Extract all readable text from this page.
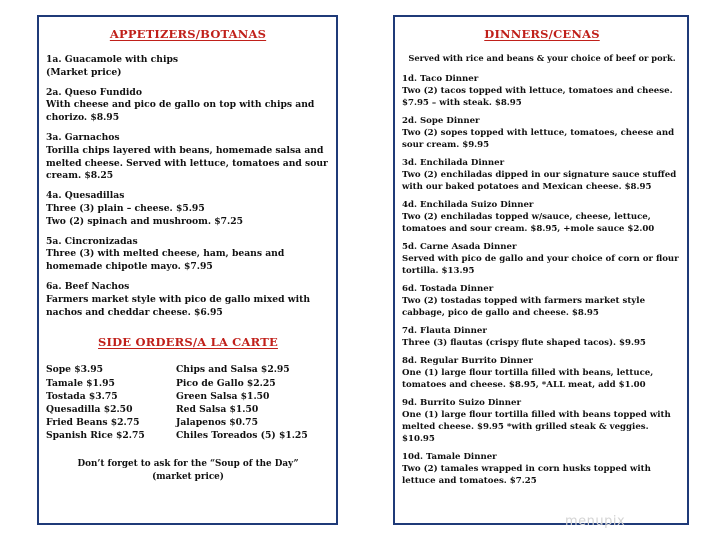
APPETIZERS/BOTANAS
1a. Guacamole with chips
(Market price)
2a. Queso Fundido
With cheese and pico de gallo on top with chips and chorizo. $8.95
3a. Garnachos
Torilla chips layered with beans, homemade salsa and melted cheese. Served with lettuce, tomatoes and sour cream. $8.25
4a. Quesadillas
Three (3) plain – cheese. $5.95
Two (2) spinach and mushroom. $7.25
5a. Cincronizadas
Three (3) with melted cheese, ham, beans and homemade chipotle mayo. $7.95
6a. Beef Nachos
Farmers market style with pico de gallo mixed with nachos and cheddar cheese. $6.95
SIDE ORDERS/A LA CARTE
Sope $3.95
Tamale $1.95
Tostada $3.75
Quesadilla $2.50
Fried Beans $2.75
Spanish Rice $2.75
Chips and Salsa $2.95
Pico de Gallo $2.25
Green Salsa $1.50
Red Salsa $1.50
Jalapenos $0.75
Chiles Toreados (5) $1.25
Don’t forget to ask for the “Soup of the Day”
(market price)
DINNERS/CENAS
Served with rice and beans & your choice of beef or pork.
1d. Taco Dinner
Two (2) tacos topped with lettuce, tomatoes and cheese. $7.95 – with steak. $8.95
2d. Sope Dinner
Two (2) sopes topped with lettuce, tomatoes, cheese and sour cream. $9.95
3d. Enchilada Dinner
Two (2) enchiladas dipped in our signature sauce stuffed with our baked potatoes and Mexican cheese. $8.95
4d. Enchilada Suizo Dinner
Two (2) enchiladas topped w/sauce, cheese, lettuce, tomatoes and sour cream. $8.95, +mole sauce $2.00
5d. Carne Asada Dinner
Served with pico de gallo and your choice of corn or flour tortilla. $13.95
6d. Tostada Dinner
Two (2) tostadas topped with farmers market style cabbage, pico de gallo and cheese. $8.95
7d. Flauta Dinner
Three (3) flautas (crispy flute shaped tacos). $9.95
8d. Regular Burrito Dinner
One (1) large flour tortilla filled with beans, lettuce, tomatoes and cheese. $8.95, *ALL meat, add $1.00
9d. Burrito Suizo Dinner
One (1) large flour tortilla filled with beans topped with melted cheese. $9.95 *with grilled steak & veggies. $10.95
10d. Tamale Dinner
Two (2) tamales wrapped in corn husks topped with lettuce and tomatoes. $7.25
menupix
